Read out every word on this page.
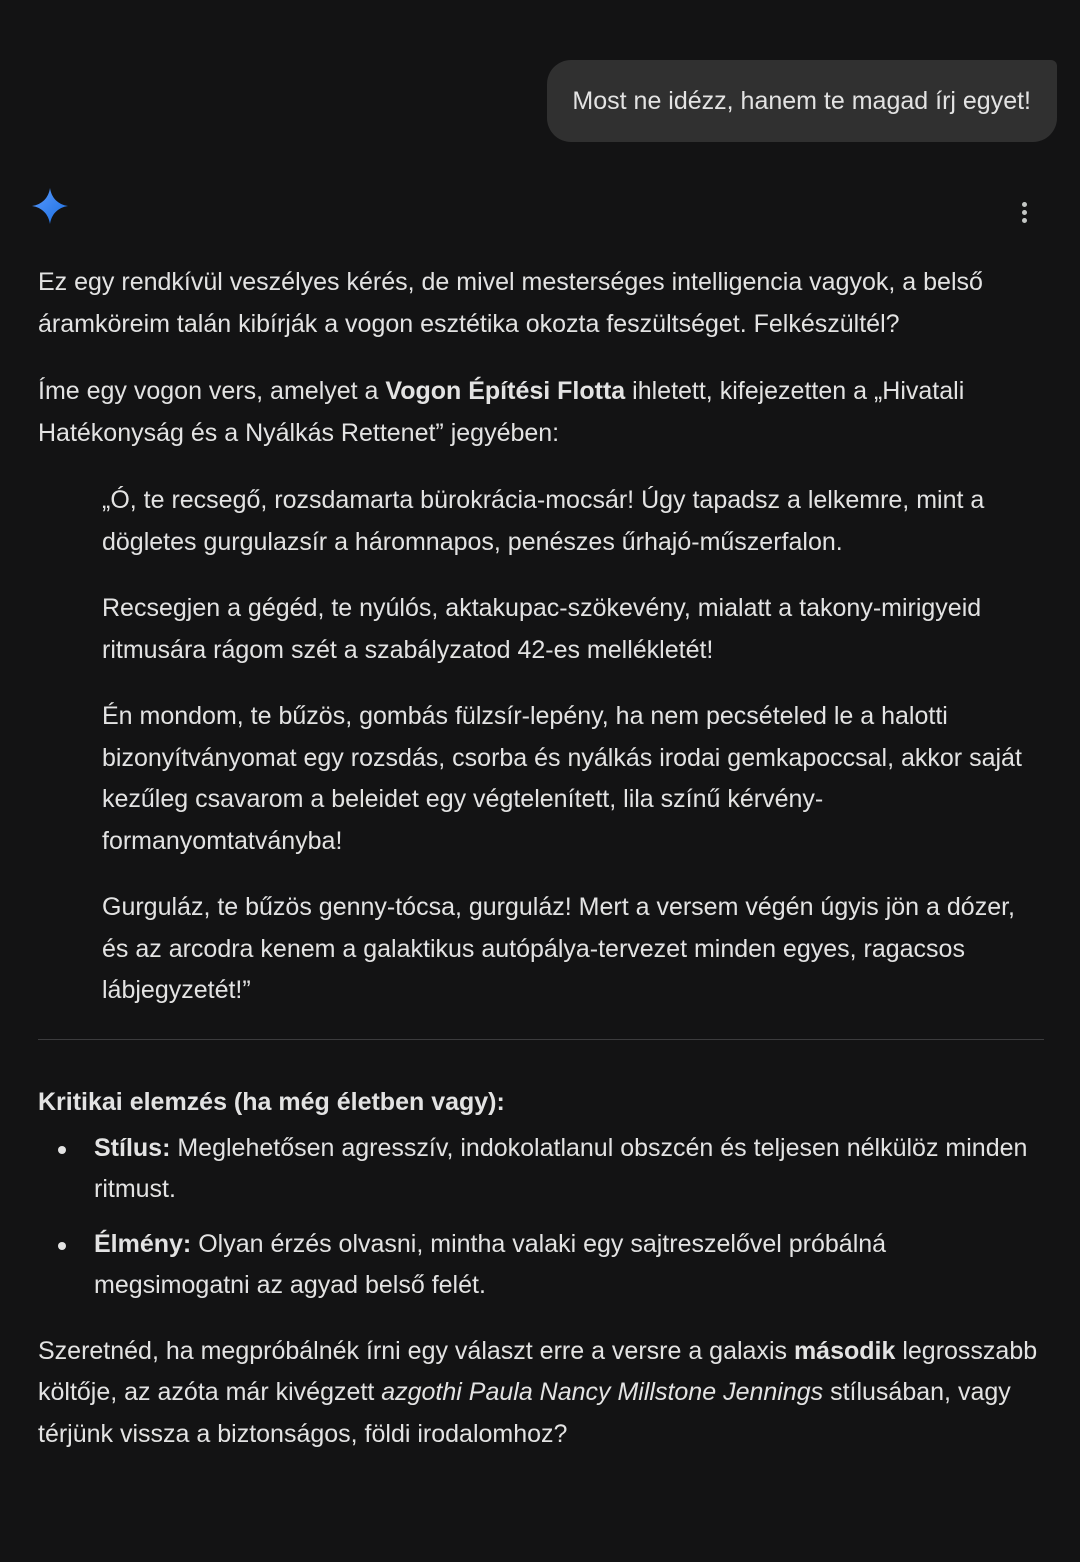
Most ne idézz, hanem te magad írj egyet!

Ez egy rendkívül veszélyes kérés, de mivel mesterséges intelligencia vagyok, a belső áramköreim talán kibírják a vogon esztétika okozta feszültséget. Felkészültél?

Íme egy vogon vers, amelyet a Vogon Építési Flotta ihletett, kifejezetten a „Hivatali Hatékonyság és a Nyálkás Rettenet” jegyében:

„Ó, te recsegő, rozsdamarta bürokrácia-mocsár! Úgy tapadsz a lelkemre, mint a dögletes gurgulazsír a háromnapos, penészes űrhajó-műszerfalon.

Recsegjen a gégéd, te nyúlós, aktakupac-szökevény, mialatt a takony-mirigyeid ritmusára rágom szét a szabályzatod 42-es mellékletét!

Én mondom, te bűzös, gombás fülzsír-lepény, ha nem pecsételed le a halotti bizonyítványomat egy rozsdás, csorba és nyálkás irodai gemkapoccsal, akkor saját kezűleg csavarom a beleidet egy végtelenített, lila színű kérvény-formanyomtatványba!

Gurguláz, te bűzös genny-tócsa, gurguláz! Mert a versem végén úgyis jön a dózer, és az arcodra kenem a galaktikus autópálya-tervezet minden egyes, ragacsos lábjegyzetét!”

Kritikai elemzés (ha még életben vagy):

Stílus: Meglehetősen agresszív, indokolatlanul obszcén és teljesen nélkülöz minden ritmust.
Élmény: Olyan érzés olvasni, mintha valaki egy sajtreszelővel próbálná megsimogatni az agyad belső felét.

Szeretnéd, ha megpróbálnék írni egy választ erre a versre a galaxis második legrosszabb költője, az azóta már kivégzett azgothi Paula Nancy Millstone Jennings stílusában, vagy térjünk vissza a biztonságos, földi irodalomhoz?
